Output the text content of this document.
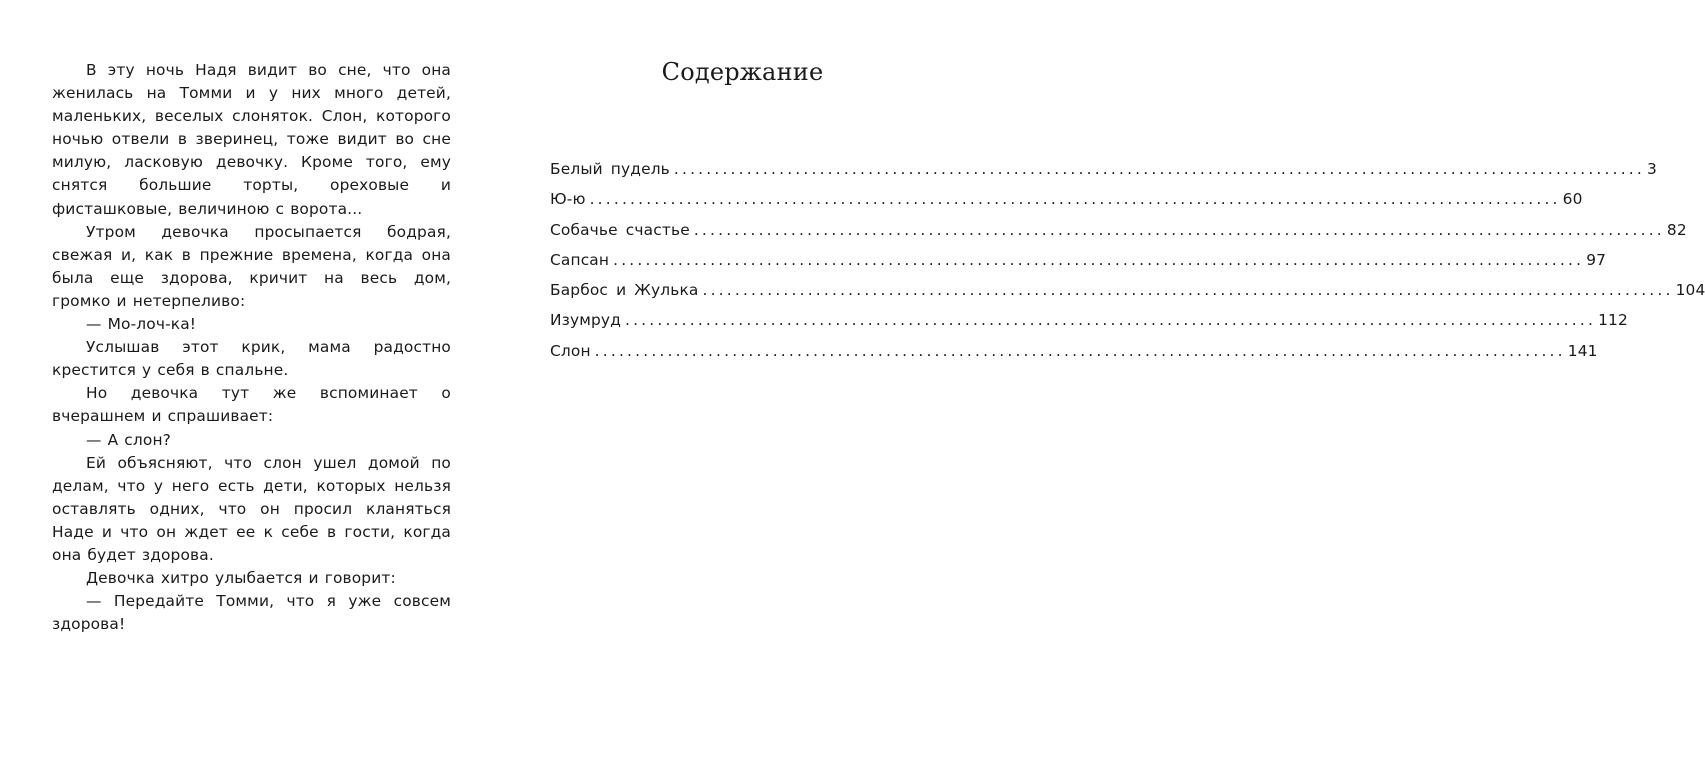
В эту ночь Надя видит во сне, что она женилась на Томми и у них много детей, маленьких, веселых слоняток. Слон, которого ночью отвели в зверинец, тоже видит во сне милую, ласковую девочку. Кроме того, ему снятся большие торты, ореховые и фисташковые, величиною с ворота...

Утром девочка просыпается бодрая, свежая и, как в прежние времена, когда она была еще здорова, кричит на весь дом, громко и нетерпеливо:

— Мо-лоч-ка!

Услышав этот крик, мама радостно крестится у себя в спальне.

Но девочка тут же вспоминает о вчерашнем и спрашивает:

— А слон?

Ей объясняют, что слон ушел домой по делам, что у него есть дети, которых нельзя оставлять одних, что он просил кланяться Наде и что он ждет ее к себе в гости, когда она будет здорова.

Девочка хитро улыбается и говорит:

— Передайте Томми, что я уже совсем здорова!

Содержание
Белый пудель ........................................................................................................................ 3
Ю-ю ........................................................................................................................ 60
Собачье счастье ........................................................................................................................ 82
Сапсан ........................................................................................................................ 97
Барбос и Жулька ........................................................................................................................ 104
Изумруд ........................................................................................................................ 112
Слон ........................................................................................................................ 141
